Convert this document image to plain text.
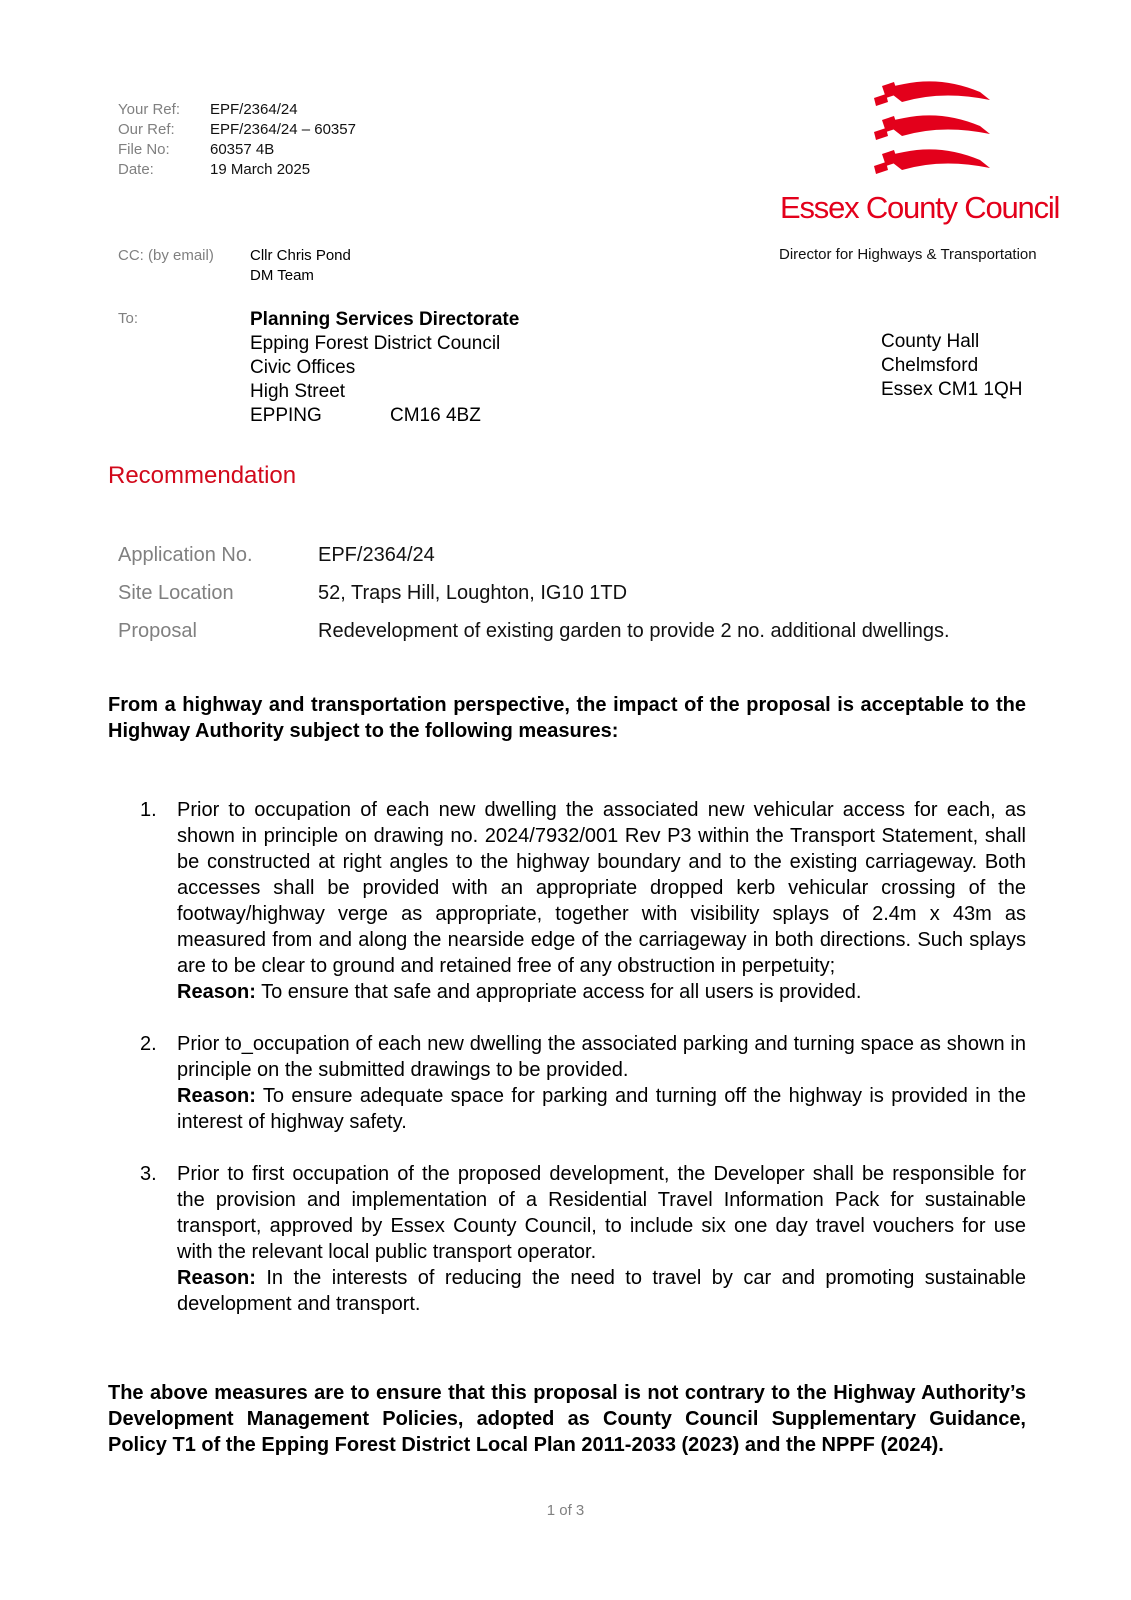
Your Ref:	EPF/2364/24
Our Ref:	EPF/2364/24 – 60357
File No:	60357 4B
Date:	19 March 2025
Essex County Council
Director for Highways & Transportation
CC: (by email)	Cllr Chris Pond
DM Team
To:	Planning Services Directorate
Epping Forest District Council
Civic Offices
High Street
EPPING	CM16 4BZ
County Hall
Chelmsford
Essex CM1 1QH
Recommendation
Application No.	EPF/2364/24
Site Location	52, Traps Hill, Loughton, IG10 1TD
Proposal	Redevelopment of existing garden to provide 2 no. additional dwellings.
From a highway and transportation perspective, the impact of the proposal is acceptable to the Highway Authority subject to the following measures:
1.	Prior to occupation of each new dwelling the associated new vehicular access for each, as shown in principle on drawing no. 2024/7932/001 Rev P3 within the Transport Statement, shall be constructed at right angles to the highway boundary and to the existing carriageway. Both accesses shall be provided with an appropriate dropped kerb vehicular crossing of the footway/highway verge as appropriate, together with visibility splays of 2.4m x 43m as measured from and along the nearside edge of the carriageway in both directions. Such splays are to be clear to ground and retained free of any obstruction in perpetuity;
Reason: To ensure that safe and appropriate access for all users is provided.
2.	Prior to_occupation of each new dwelling the associated parking and turning space as shown in principle on the submitted drawings to be provided.
Reason: To ensure adequate space for parking and turning off the highway is provided in the interest of highway safety.
3.	Prior to first occupation of the proposed development, the Developer shall be responsible for the provision and implementation of a Residential Travel Information Pack for sustainable transport, approved by Essex County Council, to include six one day travel vouchers for use with the relevant local public transport operator.
Reason: In the interests of reducing the need to travel by car and promoting sustainable development and transport.
The above measures are to ensure that this proposal is not contrary to the Highway Authority’s Development Management Policies, adopted as County Council Supplementary Guidance, Policy T1 of the Epping Forest District Local Plan 2011-2033 (2023) and the NPPF (2024).
1 of 3
